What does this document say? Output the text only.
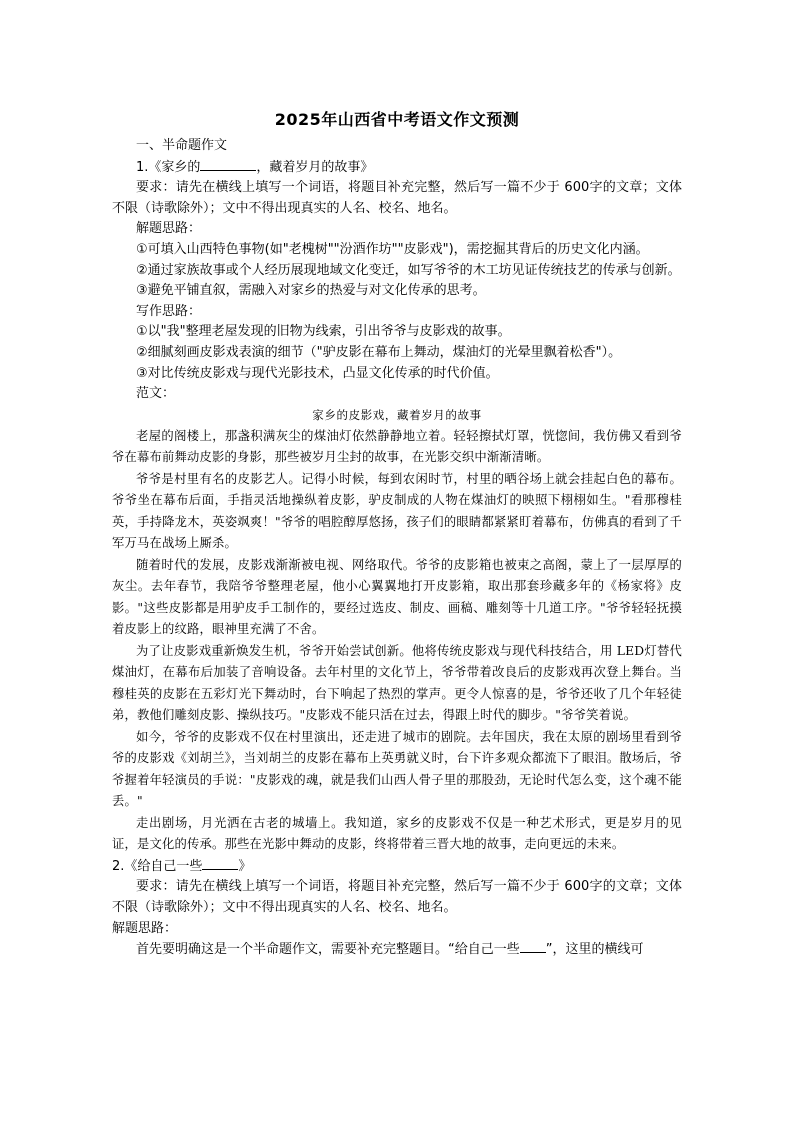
2025年山西省中考语文作文预测

一、半命题作文

1.《家乡的	，藏着岁月的故事》

要求：请先在横线上填写一个词语，将题目补充完整，然后写一篇不少于 600字的文章；文体不限（诗歌除外）；文中不得出现真实的人名、校名、地名。

解题思路：

①可填入山西特色事物(如"老槐树""汾酒作坊""皮影戏")，需挖掘其背后的历史文化内涵。

②通过家族故事或个人经历展现地域文化变迁，如写爷爷的木工坊见证传统技艺的传承与创新。

③避免平铺直叙，需融入对家乡的热爱与对文化传承的思考。

写作思路：

①以"我"整理老屋发现的旧物为线索，引出爷爷与皮影戏的故事。

②细腻刻画皮影戏表演的细节（"驴皮影在幕布上舞动，煤油灯的光晕里飘着松香"）。

③对比传统皮影戏与现代光影技术，凸显文化传承的时代价值。

范文：

家乡的皮影戏，藏着岁月的故事

老屋的阁楼上，那盏积满灰尘的煤油灯依然静静地立着。轻轻擦拭灯罩，恍惚间，我仿佛又看到爷爷在幕布前舞动皮影的身影，那些被岁月尘封的故事，在光影交织中渐渐清晰。

爷爷是村里有名的皮影艺人。记得小时候，每到农闲时节，村里的晒谷场上就会挂起白色的幕布。爷爷坐在幕布后面，手指灵活地操纵着皮影，驴皮制成的人物在煤油灯的映照下栩栩如生。"看那穆桂英，手持降龙木，英姿飒爽！"爷爷的唱腔醇厚悠扬，孩子们的眼睛都紧紧盯着幕布，仿佛真的看到了千军万马在战场上厮杀。

随着时代的发展，皮影戏渐渐被电视、网络取代。爷爷的皮影箱也被束之高阁，蒙上了一层厚厚的灰尘。去年春节，我陪爷爷整理老屋，他小心翼翼地打开皮影箱，取出那套珍藏多年的《杨家将》皮影。"这些皮影都是用驴皮手工制作的，要经过选皮、制皮、画稿、雕刻等十几道工序。"爷爷轻轻抚摸着皮影上的纹路，眼神里充满了不舍。

为了让皮影戏重新焕发生机，爷爷开始尝试创新。他将传统皮影戏与现代科技结合，用 LED灯替代煤油灯，在幕布后加装了音响设备。去年村里的文化节上，爷爷带着改良后的皮影戏再次登上舞台。当穆桂英的皮影在五彩灯光下舞动时，台下响起了热烈的掌声。更令人惊喜的是，爷爷还收了几个年轻徒弟，教他们雕刻皮影、操纵技巧。"皮影戏不能只活在过去，得跟上时代的脚步。"爷爷笑着说。

如今，爷爷的皮影戏不仅在村里演出，还走进了城市的剧院。去年国庆，我在太原的剧场里看到爷爷的皮影戏《刘胡兰》，当刘胡兰的皮影在幕布上英勇就义时，台下许多观众都流下了眼泪。散场后，爷爷握着年轻演员的手说："皮影戏的魂，就是我们山西人骨子里的那股劲，无论时代怎么变，这个魂不能丢。"

走出剧场，月光洒在古老的城墙上。我知道，家乡的皮影戏不仅是一种艺术形式，更是岁月的见证，是文化的传承。那些在光影中舞动的皮影，终将带着三晋大地的故事，走向更远的未来。

2.《给自己一些	》

要求：请先在横线上填写一个词语，将题目补充完整，然后写一篇不少于 600字的文章；文体不限（诗歌除外）；文中不得出现真实的人名、校名、地名。

解题思路：

首先要明确这是一个半命题作文，需要补充完整题目。“给自己一些 ”，这里的横线可
